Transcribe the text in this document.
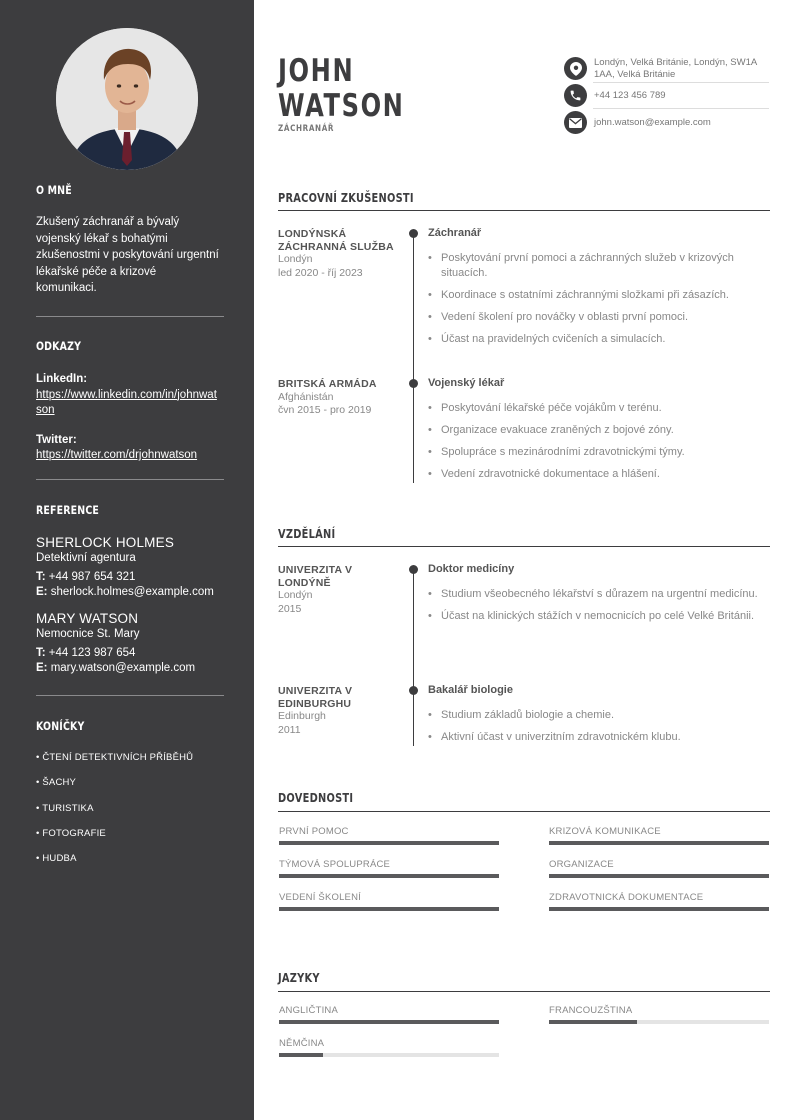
O MNĚ
Zkušený záchranář a bývalý vojenský lékař s bohatými zkušenostmi v poskytování urgentní lékařské péče a krizové komunikaci.
ODKAZY
LinkedIn:
https://www.linkedin.com/in/johnwatson
Twitter:
https://twitter.com/drjohnwatson
REFERENCE
SHERLOCK HOLMES
Detektivní agentura
T: +44 987 654 321
E: sherlock.holmes@example.com
MARY WATSON
Nemocnice St. Mary
T: +44 123 987 654
E: mary.watson@example.com
KONÍČKY
• ČTENÍ DETEKTIVNÍCH PŘÍBĚHŮ
• ŠACHY
• TURISTIKA
• FOTOGRAFIE
• HUDBA
JOHN
WATSON
ZÁCHRANÁŘ
Londýn, Velká Británie, Londýn, SW1A 1AA, Velká Británie
+44 123 456 789
john.watson@example.com
PRACOVNÍ ZKUŠENOSTI
LONDÝNSKÁ ZÁCHRANNÁ SLUŽBA
Londýn
led 2020 - říj 2023
Záchranář
• Poskytování první pomoci a záchranných služeb v krizových situacích.
• Koordinace s ostatními záchrannými složkami při zásazích.
• Vedení školení pro nováčky v oblasti první pomoci.
• Účast na pravidelných cvičeních a simulacích.
BRITSKÁ ARMÁDA
Afghánistán
čvn 2015 - pro 2019
Vojenský lékař
• Poskytování lékařské péče vojákům v terénu.
• Organizace evakuace zraněných z bojové zóny.
• Spolupráce s mezinárodními zdravotnickými týmy.
• Vedení zdravotnické dokumentace a hlášení.
VZDĚLÁNÍ
UNIVERZITA V LONDÝNĚ
Londýn
2015
Doktor medicíny
• Studium všeobecného lékařství s důrazem na urgentní medicínu.
• Účast na klinických stážích v nemocnicích po celé Velké Británii.
UNIVERZITA V EDINBURGHU
Edinburgh
2011
Bakalář biologie
• Studium základů biologie a chemie.
• Aktivní účast v univerzitním zdravotnickém klubu.
DOVEDNOSTI
PRVNÍ POMOC	KRIZOVÁ KOMUNIKACE
TÝMOVÁ SPOLUPRÁCE	ORGANIZACE
VEDENÍ ŠKOLENÍ	ZDRAVOTNICKÁ DOKUMENTACE
JAZYKY
ANGLIČTINA	FRANCOUZŠTINA
NĚMČINA
